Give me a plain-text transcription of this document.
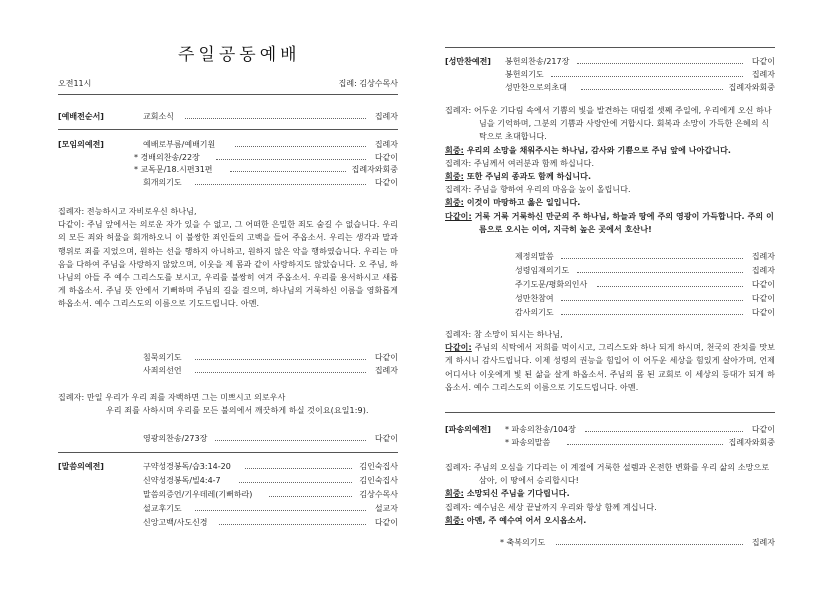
주일공동예배
오전11시	집례: 김상수목사
[예배전순서]	교회소식	집례자
[모임의예전]	예배로부름/예배기원	집례자
* 경배의찬송/22장	다같이
* 교독문/18.시편31편	집례자와회중
회개의기도	다같이

집례자: 전능하시고 자비로우신 하나님,

다같이: 주님 앞에서는 의로운 자가 있을 수 없고, 그 어떠한 은밀한 죄도 숨길 수 없습니다. 우리의 모든 죄와 허물을 회개하오니 이 불쌍한 죄인들의 고백을 들어 주옵소서. 우리는 생각과 말과 행위로 죄를 지었으며, 원하는 선을 행하지 아니하고, 원하지 않은 악을 행하였습니다. 우리는 마음을 다하여 주님을 사랑하지 않았으며, 이웃을 제 몸과 같이 사랑하지도 않았습니다. 오 주님, 하나님의 아들 주 예수 그리스도를 보시고, 우리를 불쌍히 여겨 주옵소서. 우리를 용서하시고 새롭게 하옵소서. 주님 뜻 안에서 기뻐하며 주님의 길을 걸으며, 하나님의 거룩하신 이름을 영화롭게 하옵소서. 예수 그리스도의 이름으로 기도드립니다. 아멘.

침묵의기도	다같이
사죄의선언	집례자

집례자: 만일 우리가 우리 죄를 자백하면 그는 미쁘시고 의로우사

우리 죄를 사하시며 우리를 모든 불의에서 깨끗하게 하실 것이요(요일1:9).

영광의찬송/273장	다같이
[말씀의예전]	구약성경봉독/습3:14-20	김인숙집사
신약성경봉독/빌4:4-7	김인숙집사
말씀의증언/기우데레(기뻐하라)	김상수목사
설교후기도	설교자
신앙고백/사도신경	다같이
[성만찬예전] 봉헌의찬송/217장	다같이
봉헌의기도	집례자
성만찬으로의초대	집례자와회중

집례자: 어두운 기다림 속에서 기쁨의 빛을 발견하는 대림절 셋째 주일에, 우리에게 오신 하나님을 기억하며, 그분의 기쁨과 사랑안에 거합시다. 회복과 소망이 가득한 은혜의 식탁으로 초대합니다.

회중: 우리의 소망을 채워주시는 하나님, 감사와 기쁨으로 주님 앞에 나아갑니다.

집례자: 주님께서 여러분과 함께 하십니다.

회중: 또한 주님의 종과도 함께 하십니다.

집례자: 주님을 향하여 우리의 마음을 높이 올립니다.

회중: 이것이 마땅하고 옳은 일입니다.

다같이: 거룩 거룩 거룩하신 만군의 주 하나님, 하늘과 땅에 주의 영광이 가득합니다. 주의 이름으로 오시는 이여, 지극히 높은 곳에서 호산나!

제정의말씀	집례자
성령임재의기도	집례자
주기도문/평화의인사	다같이
성만찬참여	다같이
감사의기도	다같이

집례자: 참 소망이 되시는 하나님,

다같이: 주님의 식탁에서 저희를 먹이시고, 그리스도와 하나 되게 하시며, 천국의 잔치를 맛보게 하시니 감사드립니다. 이제 성령의 권능을 힘입어 이 어두운 세상을 힘있게 살아가며, 언제 어디서나 이웃에게 빛 된 삶을 살게 하옵소서. 주님의 몸 된 교회로 이 세상의 등대가 되게 하옵소서. 예수 그리스도의 이름으로 기도드립니다. 아멘.

[파송의예전] * 파송의찬송/104장	다같이
* 파송의말씀	집례자와회중

집례자: 주님의 오심을 기다리는 이 계절에 거룩한 설렘과 온전한 변화를 우리 삶의 소망으로 삼아, 이 땅에서 승리합시다!

회중: 소망되신 주님을 기다립니다.

집례자: 예수님은 세상 끝날까지 우리와 항상 함께 계십니다.

회중: 아멘, 주 예수여 어서 오시옵소서.

* 축복의기도	집례자
